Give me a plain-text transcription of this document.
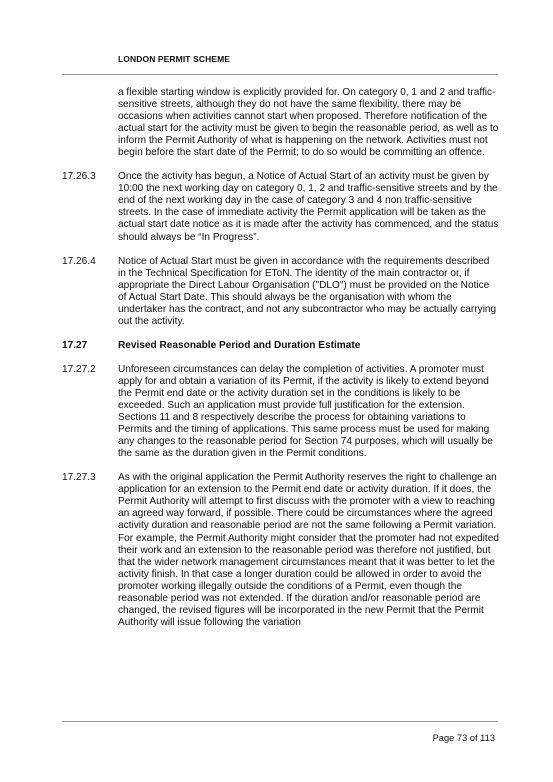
LONDON PERMIT SCHEME
a flexible starting window is explicitly provided for. On category 0, 1 and 2 and traffic-sensitive streets, although they do not have the same flexibility, there may be occasions when activities cannot start when proposed. Therefore notification of the actual start for the activity must be given to begin the reasonable period, as well as to inform the Permit Authority of what is happening on the network. Activities must not begin before the start date of the Permit; to do so would be committing an offence.
17.26.3 Once the activity has begun, a Notice of Actual Start of an activity must be given by 10:00 the next working day on category 0, 1, 2 and traffic-sensitive streets and by the end of the next working day in the case of category 3 and 4 non traffic-sensitive streets. In the case of immediate activity the Permit application will be taken as the actual start date notice as it is made after the activity has commenced, and the status should always be “In Progress”.
17.26.4 Notice of Actual Start must be given in accordance with the requirements described in the Technical Specification for EToN. The identity of the main contractor or, if appropriate the Direct Labour Organisation ("DLO") must be provided on the Notice of Actual Start Date. This should always be the organisation with whom the undertaker has the contract, and not any subcontractor who may be actually carrying out the activity.
17.27	Revised Reasonable Period and Duration Estimate
17.27.2 Unforeseen circumstances can delay the completion of activities. A promoter must apply for and obtain a variation of its Permit, if the activity is likely to extend beyond the Permit end date or the activity duration set in the conditions is likely to be exceeded. Such an application must provide full justification for the extension. Sections 11 and 8 respectively describe the process for obtaining variations to Permits and the timing of applications. This same process must be used for making any changes to the reasonable period for Section 74 purposes, which will usually be the same as the duration given in the Permit conditions.
17.27.3 As with the original application the Permit Authority reserves the right to challenge an application for an extension to the Permit end date or activity duration. If it does, the Permit Authority will attempt to first discuss with the promoter with a view to reaching an agreed way forward, if possible. There could be circumstances where the agreed activity duration and reasonable period are not the same following a Permit variation. For example, the Permit Authority might consider that the promoter had not expedited their work and an extension to the reasonable period was therefore not justified, but that the wider network management circumstances meant that it was better to let the activity finish. In that case a longer duration could be allowed in order to avoid the promoter working illegally outside the conditions of a Permit, even though the reasonable period was not extended. If the duration and/or reasonable period are changed, the revised figures will be incorporated in the new Permit that the Permit Authority will issue following the variation
Page 73 of 113
